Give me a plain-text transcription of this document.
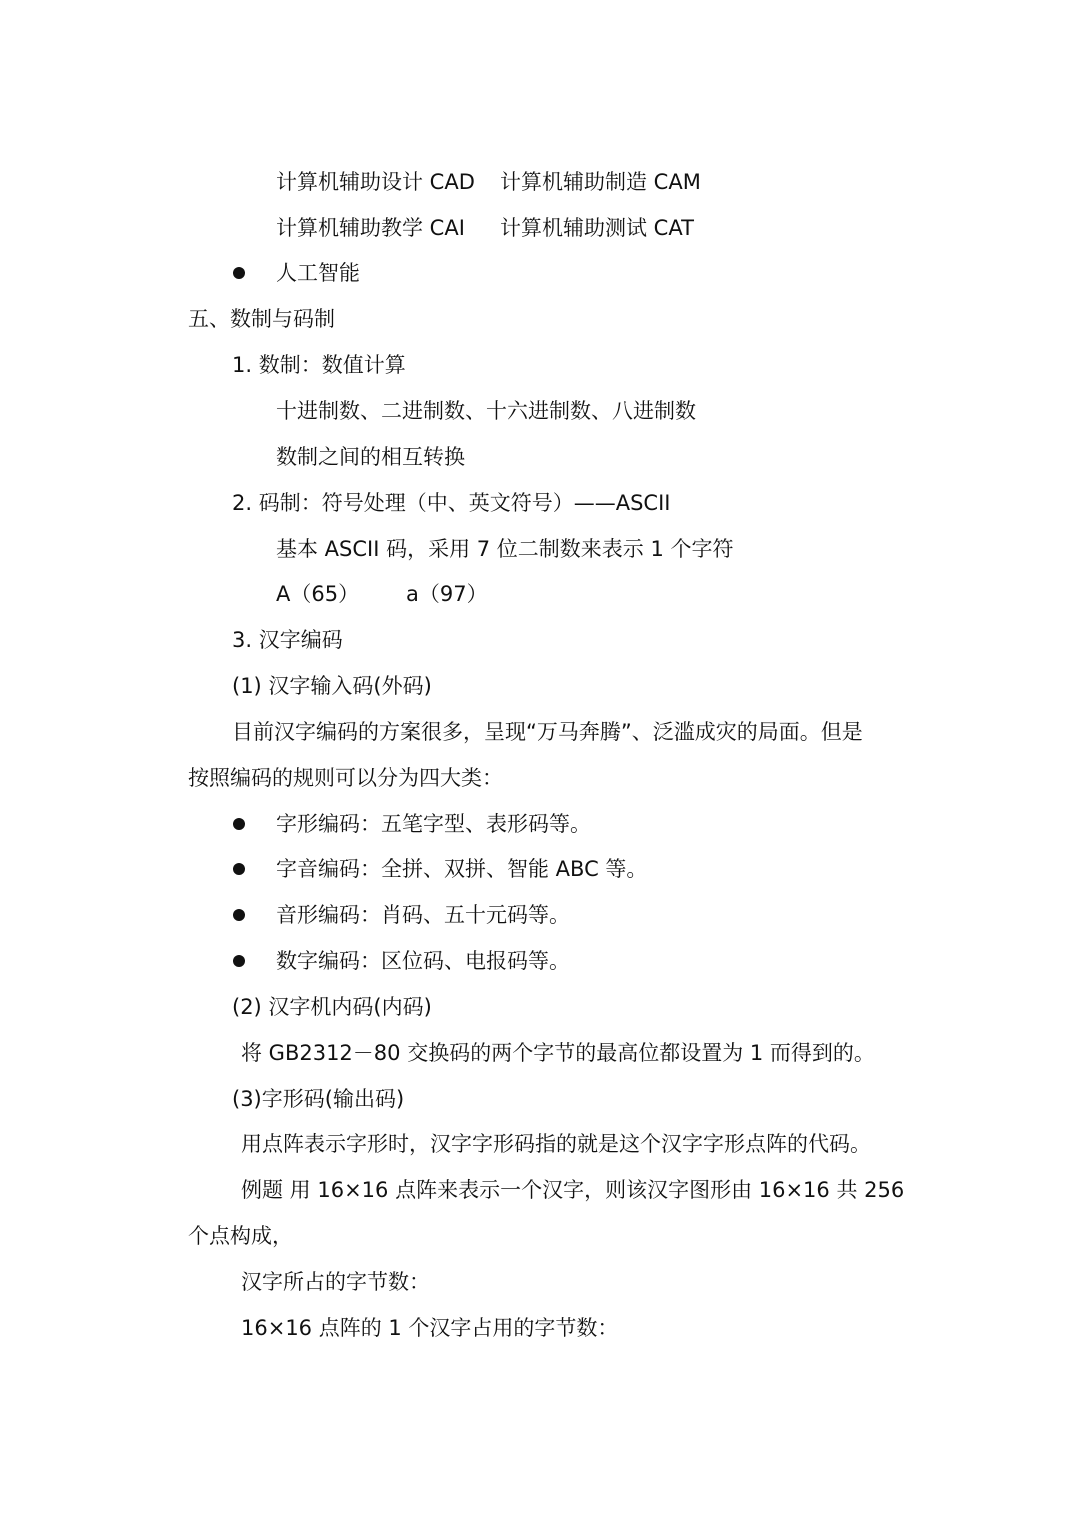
计算机辅助设计 CAD 计算机辅助制造 CAM
计算机辅助教学 CAI 计算机辅助测试 CAT
人工智能
五、数制与码制
1. 数制：数值计算
十进制数、二进制数、十六进制数、八进制数
数制之间的相互转换
2. 码制：符号处理（中、英文符号）——ASCII
基本 ASCII 码，采用 7 位二制数来表示 1 个字符
A（65） a（97）
3. 汉字编码
(1) 汉字输入码(外码)
目前汉字编码的方案很多，呈现“万马奔腾”、泛滥成灾的局面。但是
按照编码的规则可以分为四大类：
字形编码：五笔字型、表形码等。
字音编码：全拼、双拼、智能 ABC 等。
音形编码：肖码、五十元码等。
数字编码：区位码、电报码等。
(2) 汉字机内码(内码)
将 GB2312－80 交换码的两个字节的最高位都设置为 1 而得到的。
(3)字形码(输出码)
用点阵表示字形时，汉字字形码指的就是这个汉字字形点阵的代码。
例题 用 16×16 点阵来表示一个汉字，则该汉字图形由 16×16 共 256
个点构成，
汉字所占的字节数：
16×16 点阵的 1 个汉字占用的字节数：
